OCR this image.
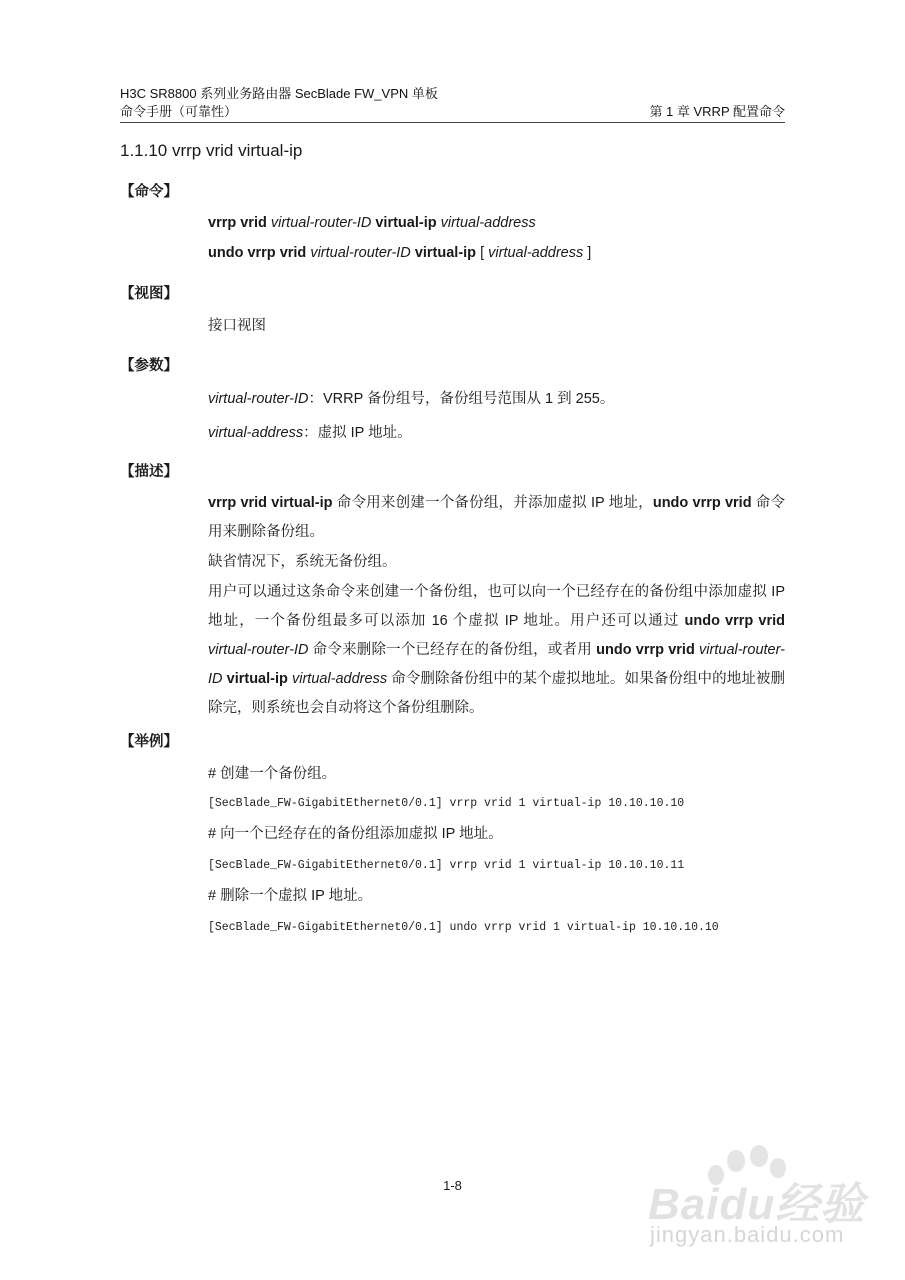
H3C SR8800 系列业务路由器 SecBlade FW_VPN 单板
命令手册（可靠性）	第 1 章 VRRP 配置命令
1.1.10 vrrp vrid virtual-ip
【命令】
vrrp vrid virtual-router-ID virtual-ip virtual-address
undo vrrp vrid virtual-router-ID virtual-ip [ virtual-address ]
【视图】
接口视图
【参数】
virtual-router-ID：VRRP 备份组号，备份组号范围从 1 到 255。
virtual-address：虚拟 IP 地址。
【描述】
vrrp vrid virtual-ip 命令用来创建一个备份组，并添加虚拟 IP 地址，undo vrrp vrid 命令用来删除备份组。
缺省情况下，系统无备份组。
用户可以通过这条命令来创建一个备份组，也可以向一个已经存在的备份组中添加虚拟 IP 地址，一个备份组最多可以添加 16 个虚拟 IP 地址。用户还可以通过 undo vrrp vrid virtual-router-ID 命令来删除一个已经存在的备份组，或者用 undo vrrp vrid virtual-router-ID virtual-ip virtual-address 命令删除备份组中的某个虚拟地址。如果备份组中的地址被删除完，则系统也会自动将这个备份组删除。
【举例】
# 创建一个备份组。
[SecBlade_FW-GigabitEthernet0/0.1] vrrp vrid 1 virtual-ip 10.10.10.10
# 向一个已经存在的备份组添加虚拟 IP 地址。
[SecBlade_FW-GigabitEthernet0/0.1] vrrp vrid 1 virtual-ip 10.10.10.11
# 删除一个虚拟 IP 地址。
[SecBlade_FW-GigabitEthernet0/0.1] undo vrrp vrid 1 virtual-ip 10.10.10.10
1-8	Baidu经验
jingyan.baidu.com
